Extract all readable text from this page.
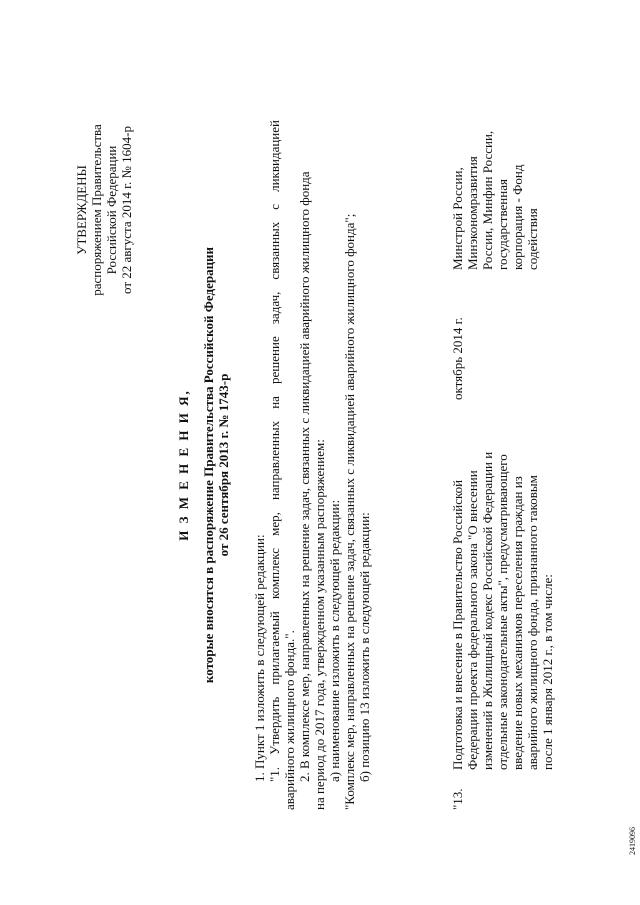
УТВЕРЖДЕНЫ распоряжением Правительства Российской Федерации от 22 августа 2014 г. № 1604-р
И З М Е Н Е Н И Я, которые вносятся в распоряжение Правительства Российской Федерации от 26 сентября 2013 г. № 1743-р

1. Пункт 1 изложить в следующей редакции: "1. Утвердить прилагаемый комплекс мер, направленных на решение задач, связанных с ликвидацией аварийного жилищного фонда.". 2. В комплексе мер, направленных на решение задач, связанных с ликвидацией аварийного жилищного фонда на период до 2017 года, утвержденном указанным распоряжением: а) наименование изложить в следующей редакции: "Комплекс мер, направленных на решение задач, связанных с ликвидацией аварийного жилищного фонда"; б) позицию 13 изложить в следующей редакции:

"13.
Подготовка и внесение в Правительство Российской Федерации проекта федерального закона "О внесении изменений в Жилищный кодекс Российской Федерации и отдельные законодательные акты", предусматривающего введение новых механизмов переселения граждан из аварийного жилищного фонда, признанного таковым после 1 января 2012 г., в том числе:
октябрь 2014 г.
Минстрой России, Минэкономразвития России, Минфин России, государственная корпорация - Фонд содействия
2419096
